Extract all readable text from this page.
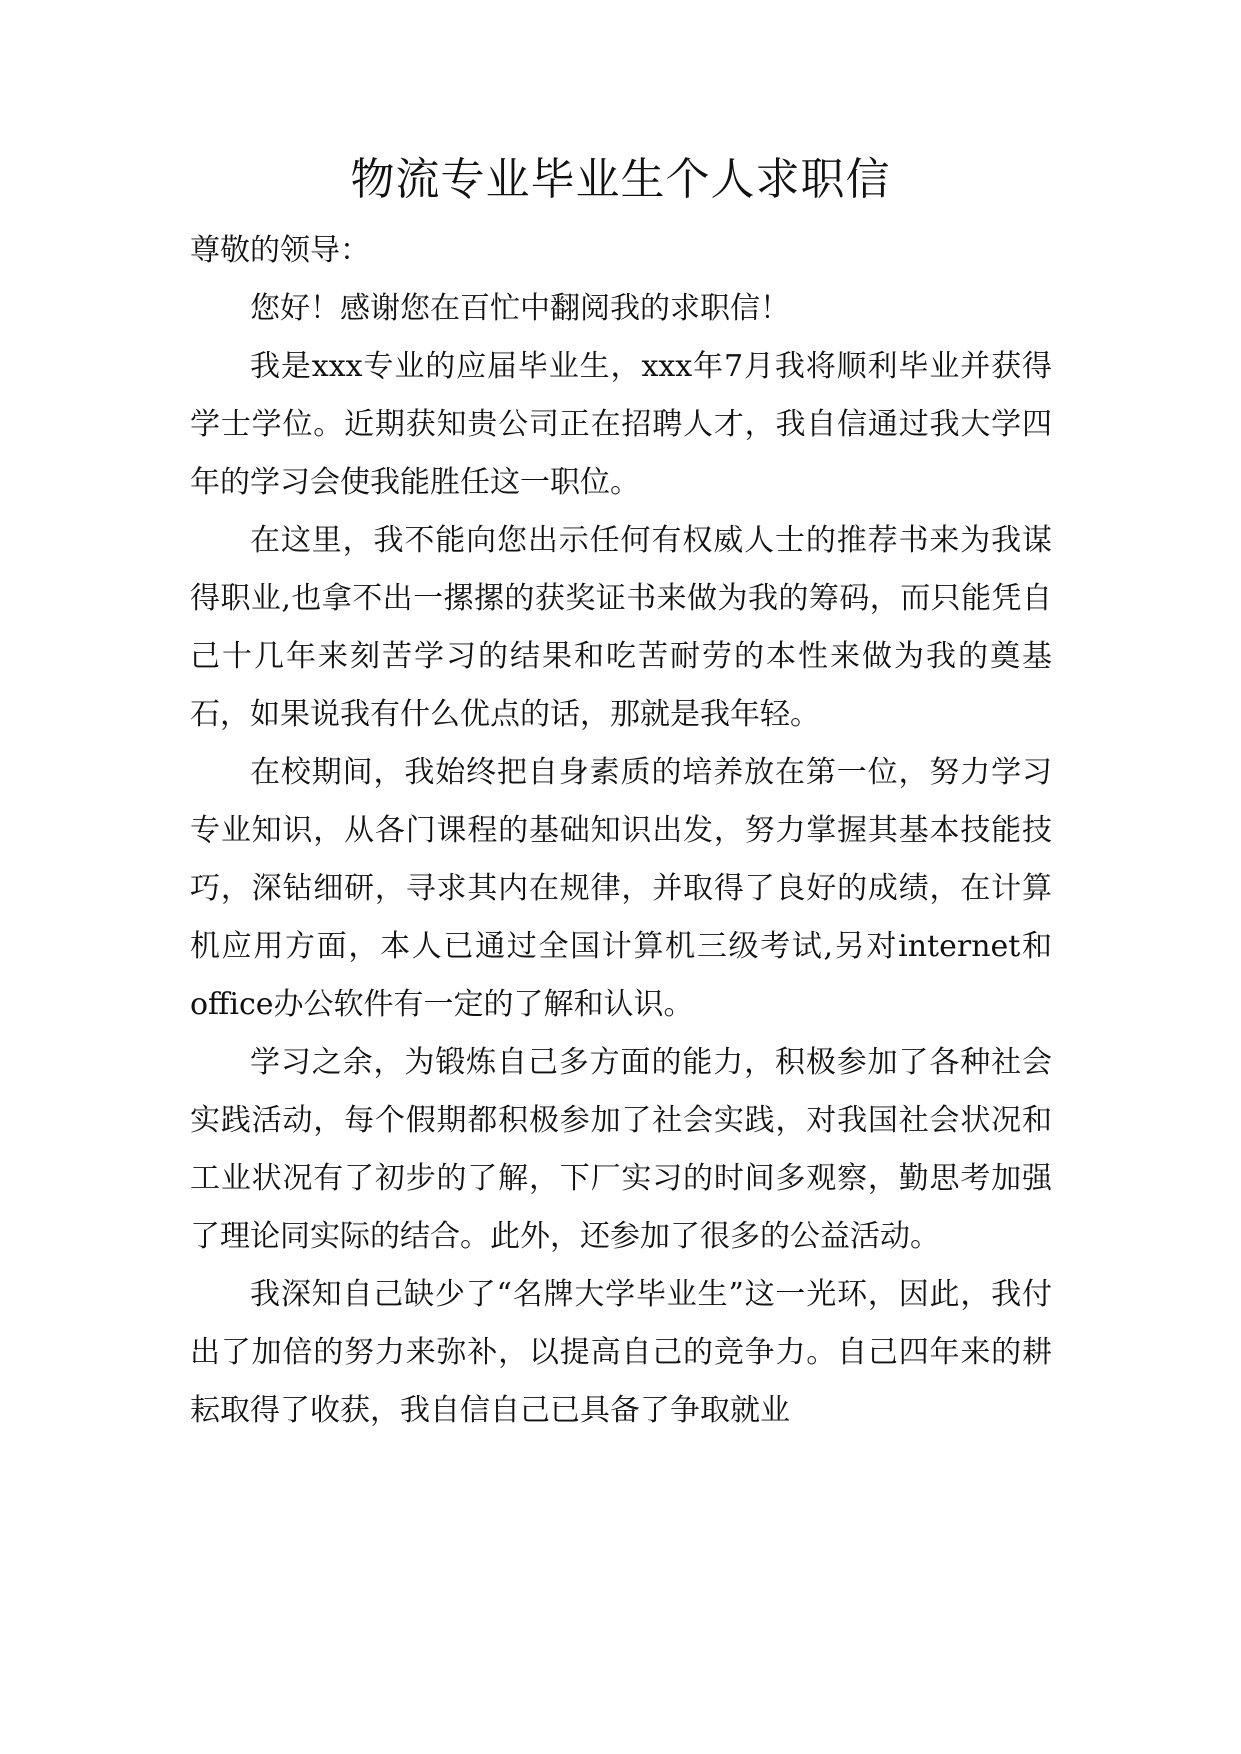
物流专业毕业生个人求职信

尊敬的领导：

您好！感谢您在百忙中翻阅我的求职信！

我是xxx专业的应届毕业生，xxx年7月我将顺利毕业并获得学士学位。近期获知贵公司正在招聘人才，我自信通过我大学四年的学习会使我能胜任这一职位。

在这里，我不能向您出示任何有权威人士的推荐书来为我谋得职业,也拿不出一摞摞的获奖证书来做为我的筹码，而只能凭自己十几年来刻苦学习的结果和吃苦耐劳的本性来做为我的奠基石，如果说我有什么优点的话，那就是我年轻。

在校期间，我始终把自身素质的培养放在第一位，努力学习专业知识，从各门课程的基础知识出发，努力掌握其基本技能技巧，深钻细研，寻求其内在规律，并取得了良好的成绩，在计算机应用方面，本人已通过全国计算机三级考试,另对internet和office办公软件有一定的了解和认识。

学习之余，为锻炼自己多方面的能力，积极参加了各种社会实践活动，每个假期都积极参加了社会实践，对我国社会状况和工业状况有了初步的了解，下厂实习的时间多观察，勤思考加强了理论同实际的结合。此外，还参加了很多的公益活动。

我深知自己缺少了“名牌大学毕业生”这一光环，因此，我付出了加倍的努力来弥补，以提高自己的竞争力。自己四年来的耕耘取得了收获，我自信自己已具备了争取就业
